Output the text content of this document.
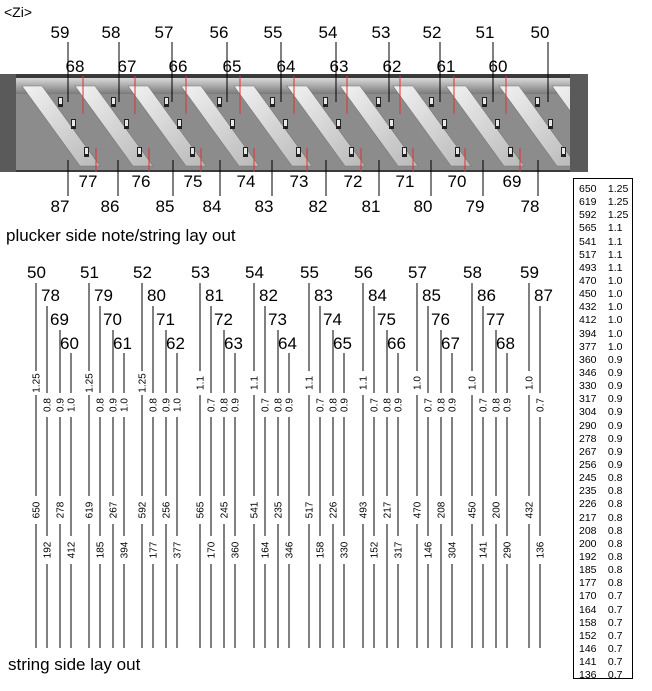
<Zi>
59 58 57 56 55 54 53 52 51 50
68 67 66 65 64 63 62 61 60
87 86 85 84 83 82 81 80 79 78
77 76 75 74 73 72 71 70 69
50 51 52 53 54 55 56 57 58 59
78 79 80 81 82 83 84 85 86 87
69 70 71 72 73 74 75 76 77
60 61 62 63 64 65 66 67 68
1.25
650
0.8
192
0.9
278
1.0
412
1.25
619
0.8
185
0.9
267
1.0
394
1.25
592
0.8
177
0.9
256
1.0
377
1.1
565
0.7
170
0.8
245
0.9
360
1.1
541
0.7
164
0.8
235
0.9
346
1.1
517
0.7
158
0.8
226
0.9
330
1.1
493
0.7
152
0.8
217
0.9
317
1.0
470
0.7
146
0.8
208
0.9
304
1.0
450
0.7
141
0.8
200
0.9
290
1.0
432
0.7
136
plucker side note/string lay out
string side lay out
650	1.25
619	1.25
592	1.25
565	1.1
541	1.1
517	1.1
493	1.1
470	1.0
450	1.0
432	1.0
412	1.0
394	1.0
377	1.0
360	0.9
346	0.9
330	0.9
317	0.9
304	0.9
290	0.9
278	0.9
267	0.9
256	0.9
245	0.8
235	0.8
226	0.8
217	0.8
208	0.8
200	0.8
192	0.8
185	0.8
177	0.8
170	0.7
164	0.7
158	0.7
152	0.7
146	0.7
141	0.7
136	0.7
